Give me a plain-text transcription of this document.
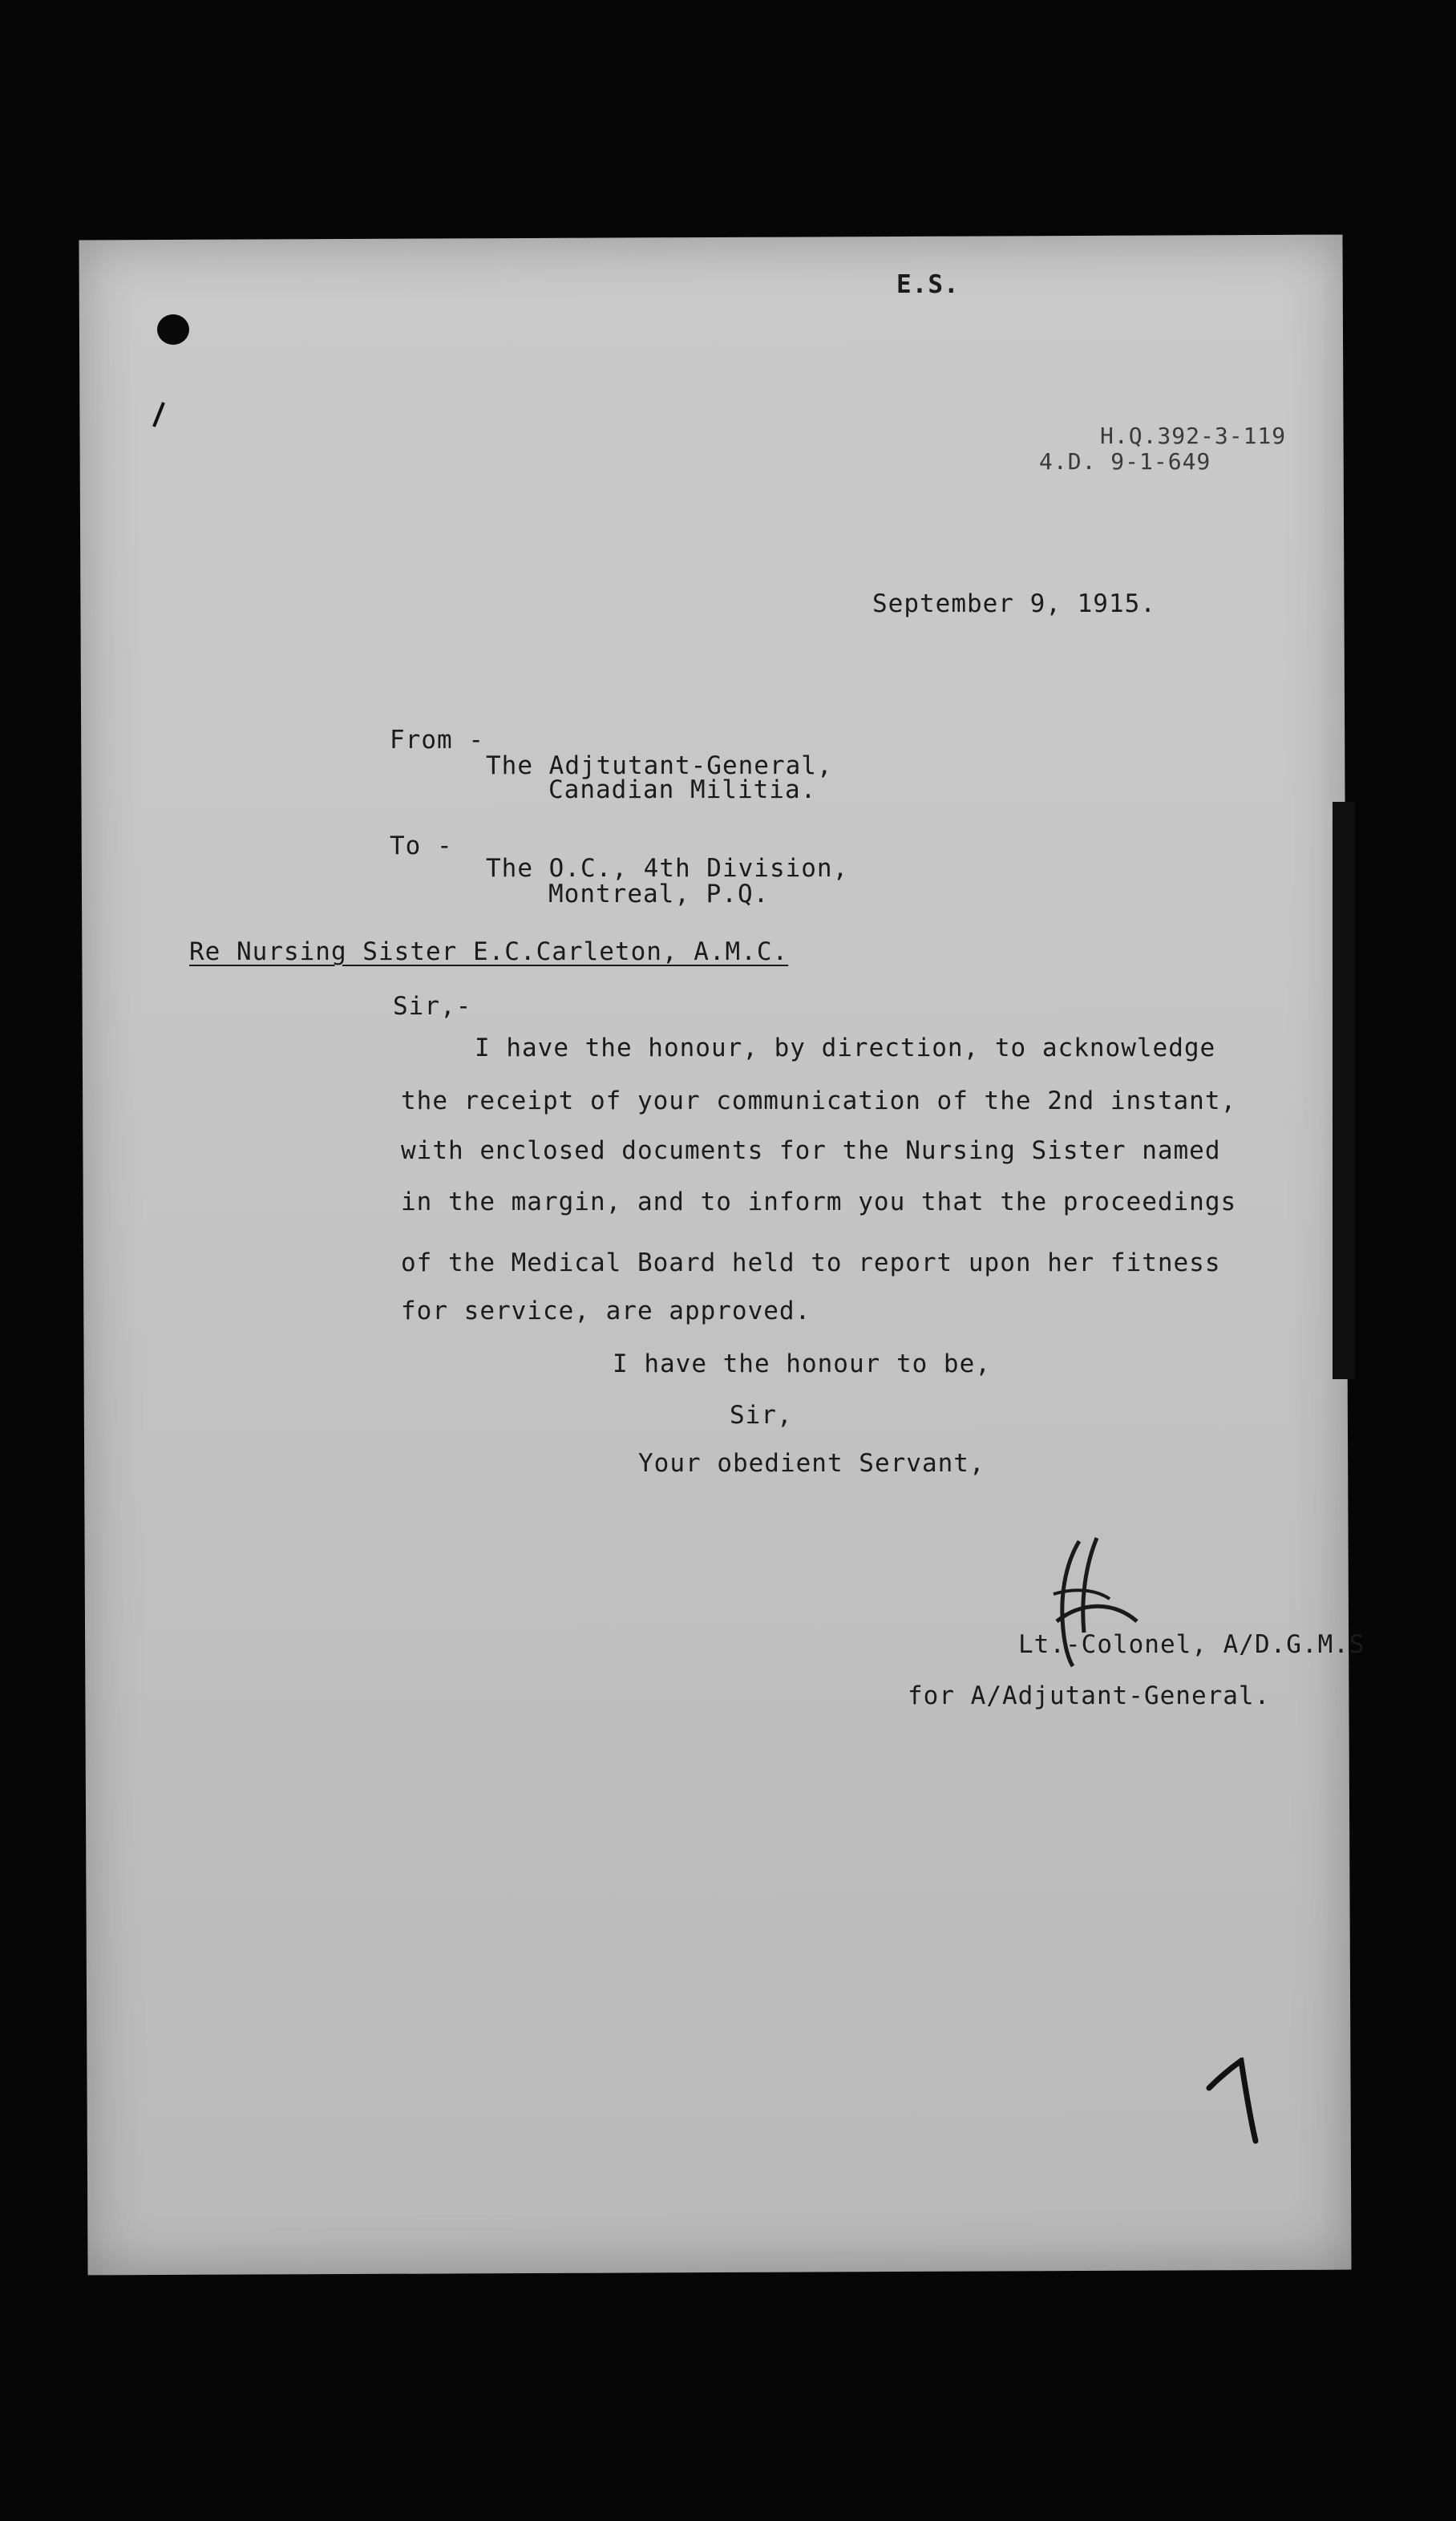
E.S.
H.Q.392-3-119
4.D. 9-1-649
September 9, 1915.
From -
The Adjtutant-General,
Canadian Militia.
To -
The O.C., 4th Division,
Montreal, P.Q.
Re Nursing Sister E.C.Carleton, A.M.C.
Sir,-
I have the honour, by direction, to acknowledge
the receipt of your communication of the 2nd instant,
with enclosed documents for the Nursing Sister named
in the margin, and to inform you that the proceedings
of the Medical Board held to report upon her fitness
for service, are approved.
I have the honour to be,
Sir,
Your obedient Servant,
Lt.-Colonel, A/D.G.M.S
for A/Adjutant-General.
